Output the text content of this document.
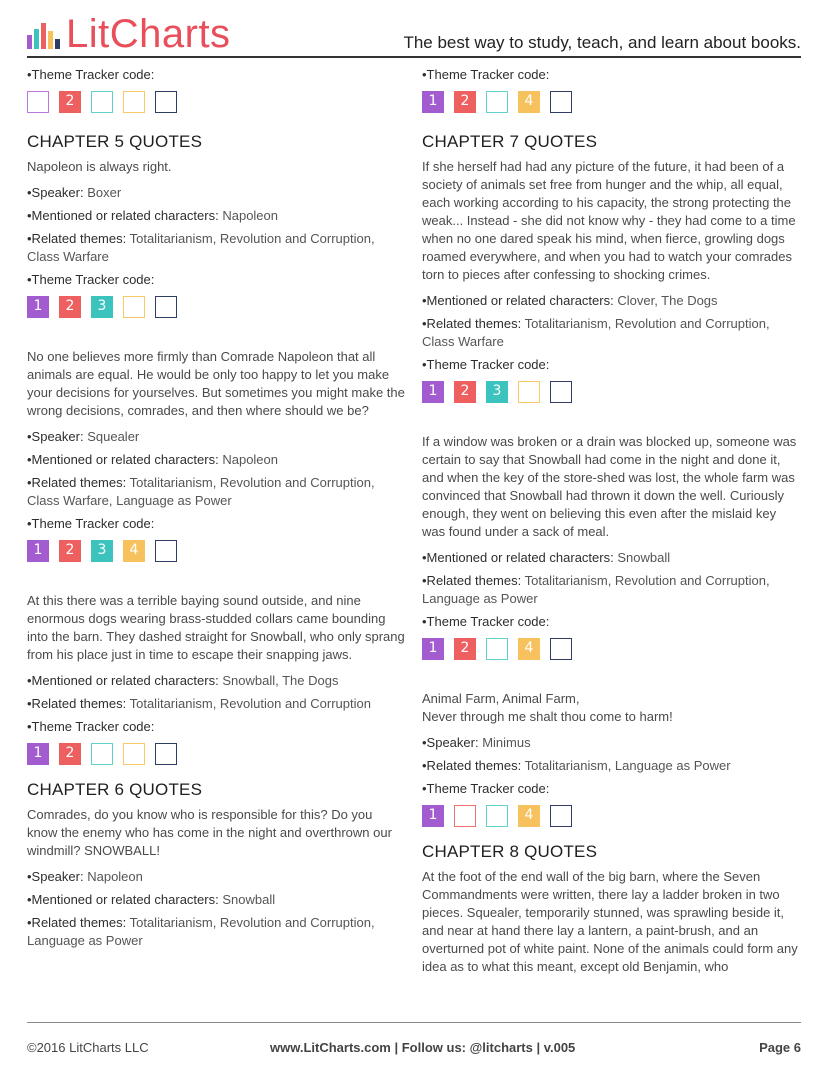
LitCharts	The best way to study, teach, and learn about books.
•Theme Tracker code:
2
CHAPTER 5 QUOTES
Napoleon is always right.
•Speaker: Boxer
•Mentioned or related characters: Napoleon
•Related themes: Totalitarianism, Revolution and Corruption, Class Warfare
•Theme Tracker code:
1	2	3
No one believes more firmly than Comrade Napoleon that all animals are equal. He would be only too happy to let you make your decisions for yourselves. But sometimes you might make the wrong decisions, comrades, and then where should we be?
•Speaker: Squealer
•Mentioned or related characters: Napoleon
•Related themes: Totalitarianism, Revolution and Corruption, Class Warfare, Language as Power
•Theme Tracker code:
1	2	3	4
At this there was a terrible baying sound outside, and nine enormous dogs wearing brass-studded collars came bounding into the barn. They dashed straight for Snowball, who only sprang from his place just in time to escape their snapping jaws.
•Mentioned or related characters: Snowball, The Dogs
•Related themes: Totalitarianism, Revolution and Corruption
•Theme Tracker code:
1	2
CHAPTER 6 QUOTES
Comrades, do you know who is responsible for this? Do you know the enemy who has come in the night and overthrown our windmill? SNOWBALL!
•Speaker: Napoleon
•Mentioned or related characters: Snowball
•Related themes: Totalitarianism, Revolution and Corruption, Language as Power
•Theme Tracker code:
1	2	4
CHAPTER 7 QUOTES
If she herself had had any picture of the future, it had been of a society of animals set free from hunger and the whip, all equal, each working according to his capacity, the strong protecting the weak... Instead - she did not know why - they had come to a time when no one dared speak his mind, when fierce, growling dogs roamed everywhere, and when you had to watch your comrades torn to pieces after confessing to shocking crimes.
•Mentioned or related characters: Clover, The Dogs
•Related themes: Totalitarianism, Revolution and Corruption, Class Warfare
•Theme Tracker code:
1	2	3
If a window was broken or a drain was blocked up, someone was certain to say that Snowball had come in the night and done it, and when the key of the store-shed was lost, the whole farm was convinced that Snowball had thrown it down the well. Curiously enough, they went on believing this even after the mislaid key was found under a sack of meal.
•Mentioned or related characters: Snowball
•Related themes: Totalitarianism, Revolution and Corruption, Language as Power
•Theme Tracker code:
1	2	4
Animal Farm, Animal Farm,
Never through me shalt thou come to harm!
•Speaker: Minimus
•Related themes: Totalitarianism, Language as Power
•Theme Tracker code:
1	4
CHAPTER 8 QUOTES
At the foot of the end wall of the big barn, where the Seven Commandments were written, there lay a ladder broken in two pieces. Squealer, temporarily stunned, was sprawling beside it, and near at hand there lay a lantern, a paint-brush, and an overturned pot of white paint. None of the animals could form any idea as to what this meant, except old Benjamin, who
©2016 LitCharts LLC	www.LitCharts.com | Follow us: @litcharts | v.005	Page 6
